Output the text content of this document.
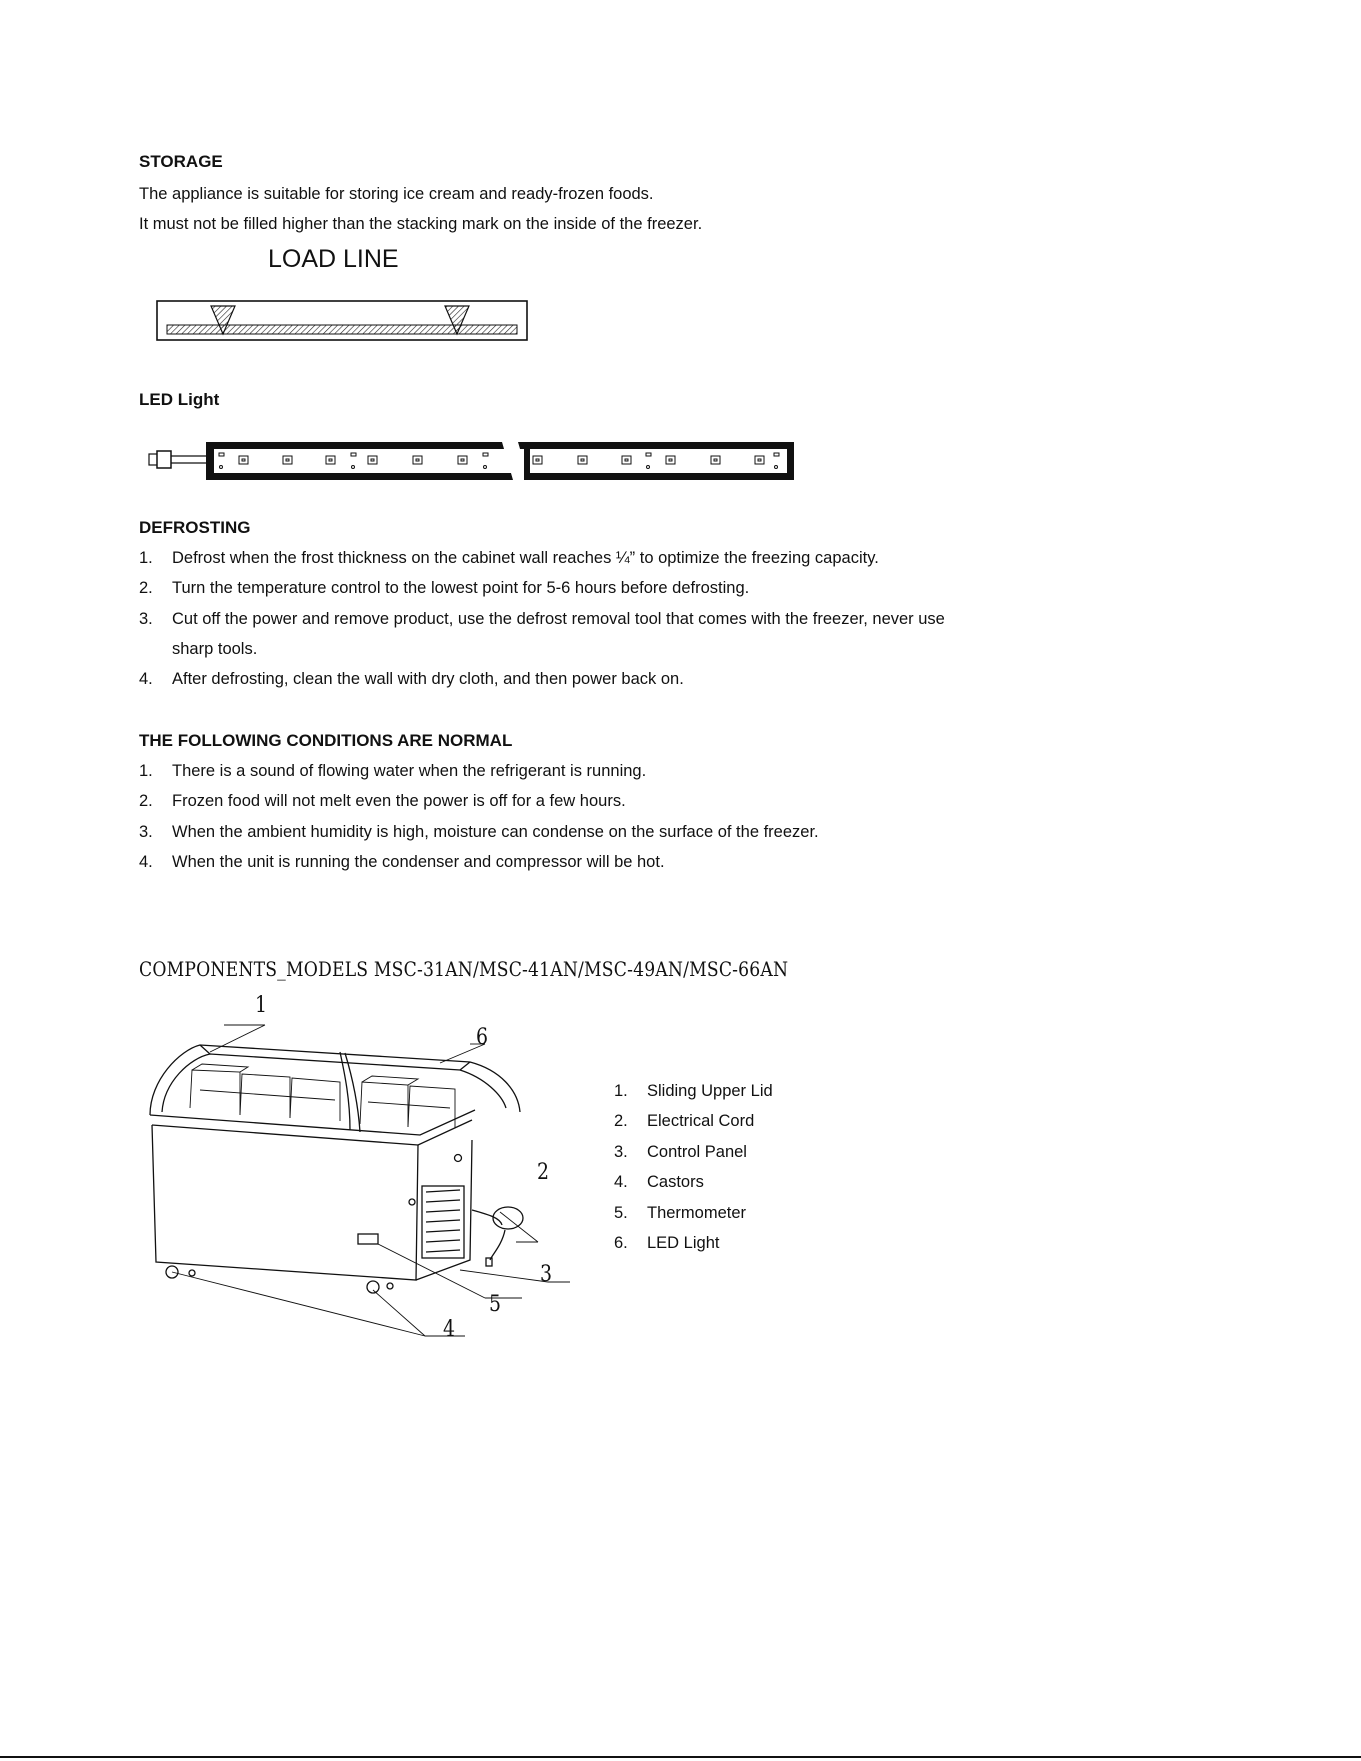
STORAGE
The appliance is suitable for storing ice cream and ready-frozen foods.
It must not be filled higher than the stacking mark on the inside of the freezer.
LOAD LINE
LED Light
DEFROSTING
1. Defrost when the frost thickness on the cabinet wall reaches ¼” to optimize the freezing capacity.
2. Turn the temperature control to the lowest point for 5-6 hours before defrosting.
3. Cut off the power and remove product, use the defrost removal tool that comes with the freezer, never use
sharp tools.
4. After defrosting, clean the wall with dry cloth, and then power back on.
THE FOLLOWING CONDITIONS ARE NORMAL
1. There is a sound of flowing water when the refrigerant is running.
2. Frozen food will not melt even the power is off for a few hours.
3. When the ambient humidity is high, moisture can condense on the surface of the freezer.
4. When the unit is running the condenser and compressor will be hot.
COMPONENTS_MODELS MSC-31AN/MSC-41AN/MSC-49AN/MSC-66AN
1
2
3
4
5
6
1. Sliding Upper Lid
2. Electrical Cord
3. Control Panel
4. Castors
5. Thermometer
6. LED Light
